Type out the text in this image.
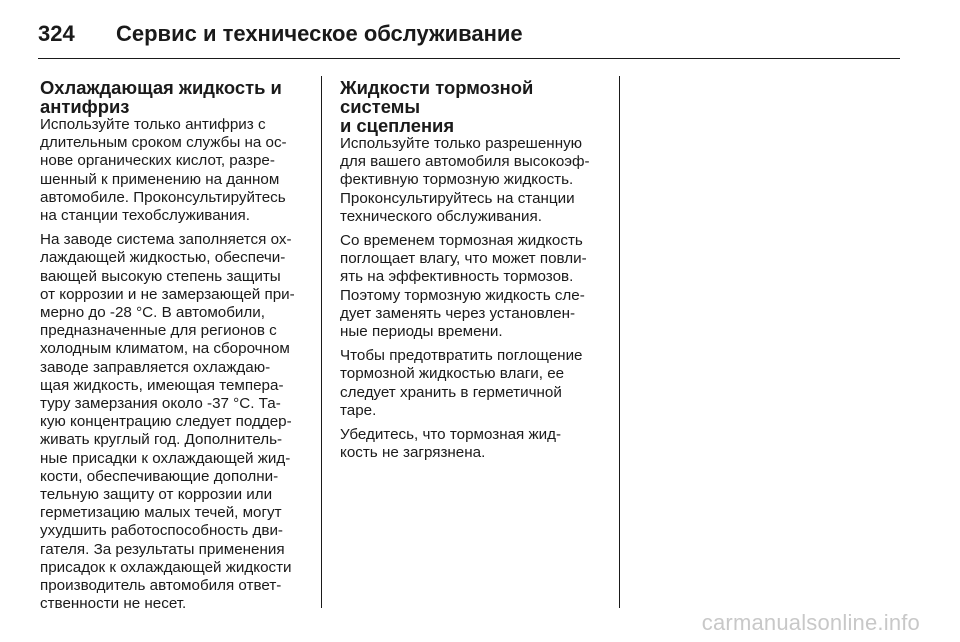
324	Сервис и техническое обслуживание
Охлаждающая жидкость и
антифриз

Используйте только антифриз с
длительным сроком службы на ос-
нове органических кислот, разре-
шенный к применению на данном
автомобиле. Проконсультируйтесь
на станции техобслуживания.

На заводе система заполняется ох-
лаждающей жидкостью, обеспечи-
вающей высокую степень защиты
от коррозии и не замерзающей при-
мерно до -28 °C. В автомобили,
предназначенные для регионов с
холодным климатом, на сборочном
заводе заправляется охлаждаю-
щая жидкость, имеющая темпера-
туру замерзания около -37 °C. Та-
кую концентрацию следует поддер-
живать круглый год. Дополнитель-
ные присадки к охлаждающей жид-
кости, обеспечивающие дополни-
тельную защиту от коррозии или
герметизацию малых течей, могут
ухудшить работоспособность дви-
гателя. За результаты применения
присадок к охлаждающей жидкости
производитель автомобиля ответ-
ственности не несет.

Жидкости тормозной системы
и сцепления

Используйте только разрешенную
для вашего автомобиля высокоэф-
фективную тормозную жидкость.
Проконсультируйтесь на станции
технического обслуживания.

Со временем тормозная жидкость
поглощает влагу, что может повли-
ять на эффективность тормозов.
Поэтому тормозную жидкость сле-
дует заменять через установлен-
ные периоды времени.

Чтобы предотвратить поглощение
тормозной жидкостью влаги, ее
следует хранить в герметичной
таре.

Убедитесь, что тормозная жид-
кость не загрязнена.

carmanualsonline.info
